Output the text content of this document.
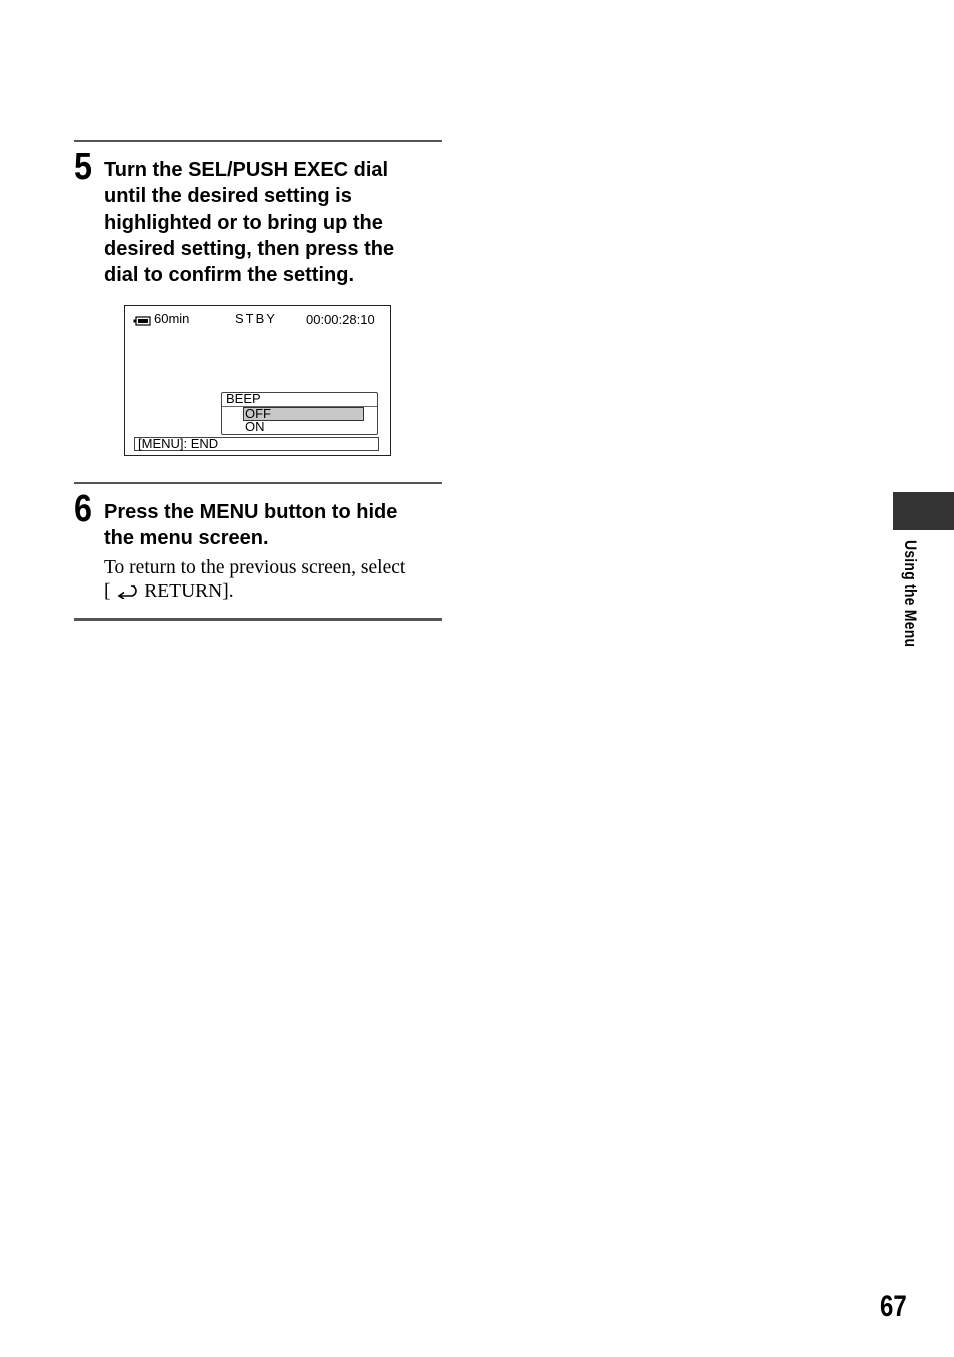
5 Turn the SEL/PUSH EXEC dial
until the desired setting is
highlighted or to bring up the
desired setting, then press the
dial to confirm the setting.
60min	STBY 00:00:28:10
BEEP
OFF
ON
[MENU]: END
6 Press the MENU button to hide
the menu screen.
To return to the previous screen, select
[  RETURN].	Using the Menu
67
